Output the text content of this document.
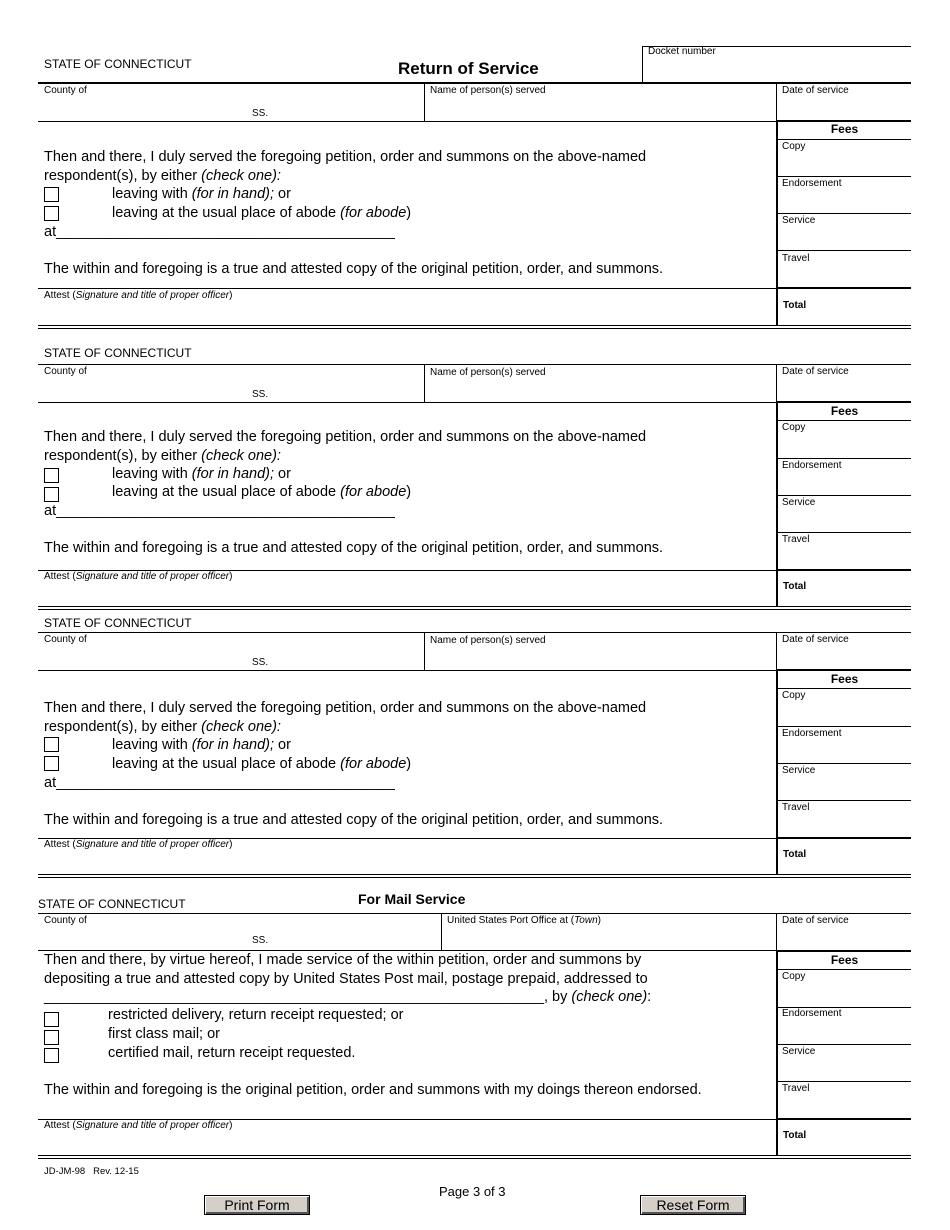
STATE OF CONNECTICUT	Return of Service
Docket number
County of
SS.
Name of person(s) served	Date of service
Fees
Copy
Endorsement
Service
Travel
Total
Then and there, I duly served the foregoing petition, order and summons on the above-named
respondent(s), by either (check one):
leaving with (for in hand); or
leaving at the usual place of abode (for abode)
at__________________________________________
The within and foregoing is a true and attested copy of the original petition, order, and summons.
Attest (Signature and title of proper officer)
STATE OF CONNECTICUT
County of
SS.
Name of person(s) served	Date of service
Fees
Copy
Endorsement
Service
Travel
Total
Then and there, I duly served the foregoing petition, order and summons on the above-named
respondent(s), by either (check one):
leaving with (for in hand); or
leaving at the usual place of abode (for abode)
at__________________________________________
The within and foregoing is a true and attested copy of the original petition, order, and summons.
Attest (Signature and title of proper officer)
STATE OF CONNECTICUT
County of
SS.
Name of person(s) served	Date of service
Fees
Copy
Endorsement
Service
Travel
Total
Then and there, I duly served the foregoing petition, order and summons on the above-named
respondent(s), by either (check one):
leaving with (for in hand); or
leaving at the usual place of abode (for abode)
at__________________________________________
The within and foregoing is a true and attested copy of the original petition, order, and summons.
Attest (Signature and title of proper officer)
STATE OF CONNECTICUT	For Mail Service
County of
SS.
United States Port Office at (Town)	Date of service
Fees
Copy
Endorsement
Service
Travel
Total
Then and there, by virtue hereof, I made service of the within petition, order and summons by
depositing a true and attested copy by United States Post mail, postage prepaid, addressed to
______________________________________________________________, by (check one):
restricted delivery, return receipt requested; or
first class mail; or
certified mail, return receipt requested.
The within and foregoing is the original petition, order and summons with my doings thereon endorsed.
Attest (Signature and title of proper officer)
JD-JM-98 Rev. 12-15
Page 3 of 3
Print Form	Reset Form
